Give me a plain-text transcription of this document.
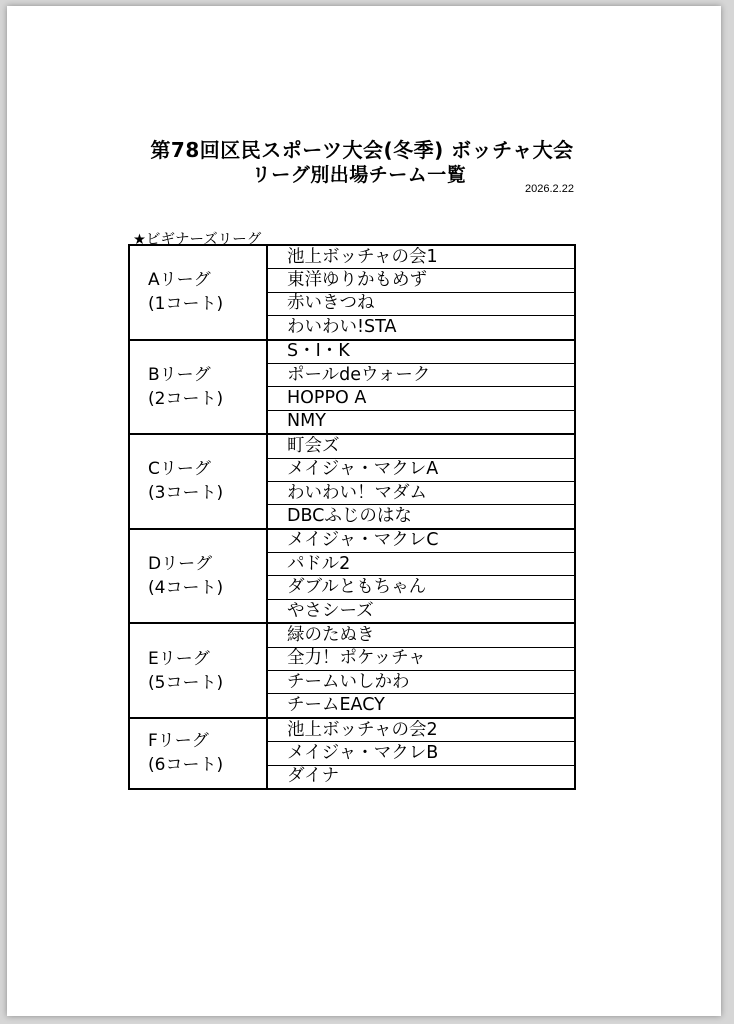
第78回区民スポーツ大会(冬季) ボッチャ大会
リーグ別出場チーム一覧
2026.2.22
★ビギナーズリーグ
Aリーグ
(1コート)	池上ボッチャの会1
	東洋ゆりかもめず
	赤いきつね
	わいわい!STA

Bリーグ
(2コート)	S・I・K
	ポールdeウォーク
	HOPPO A
	NMY

Cリーグ
(3コート)	町会ズ
	メイジャ・マクレA
	わいわい！マダム
	DBCふじのはな

Dリーグ
(4コート)	メイジャ・マクレC
	パドル2
	ダブルともちゃん
	やさシーズ

Eリーグ
(5コート)	緑のたぬき
	全力！ポケッチャ
	チームいしかわ
	チームEACY

Fリーグ
(6コート)	池上ボッチャの会2
	メイジャ・マクレB
	ダイナ
